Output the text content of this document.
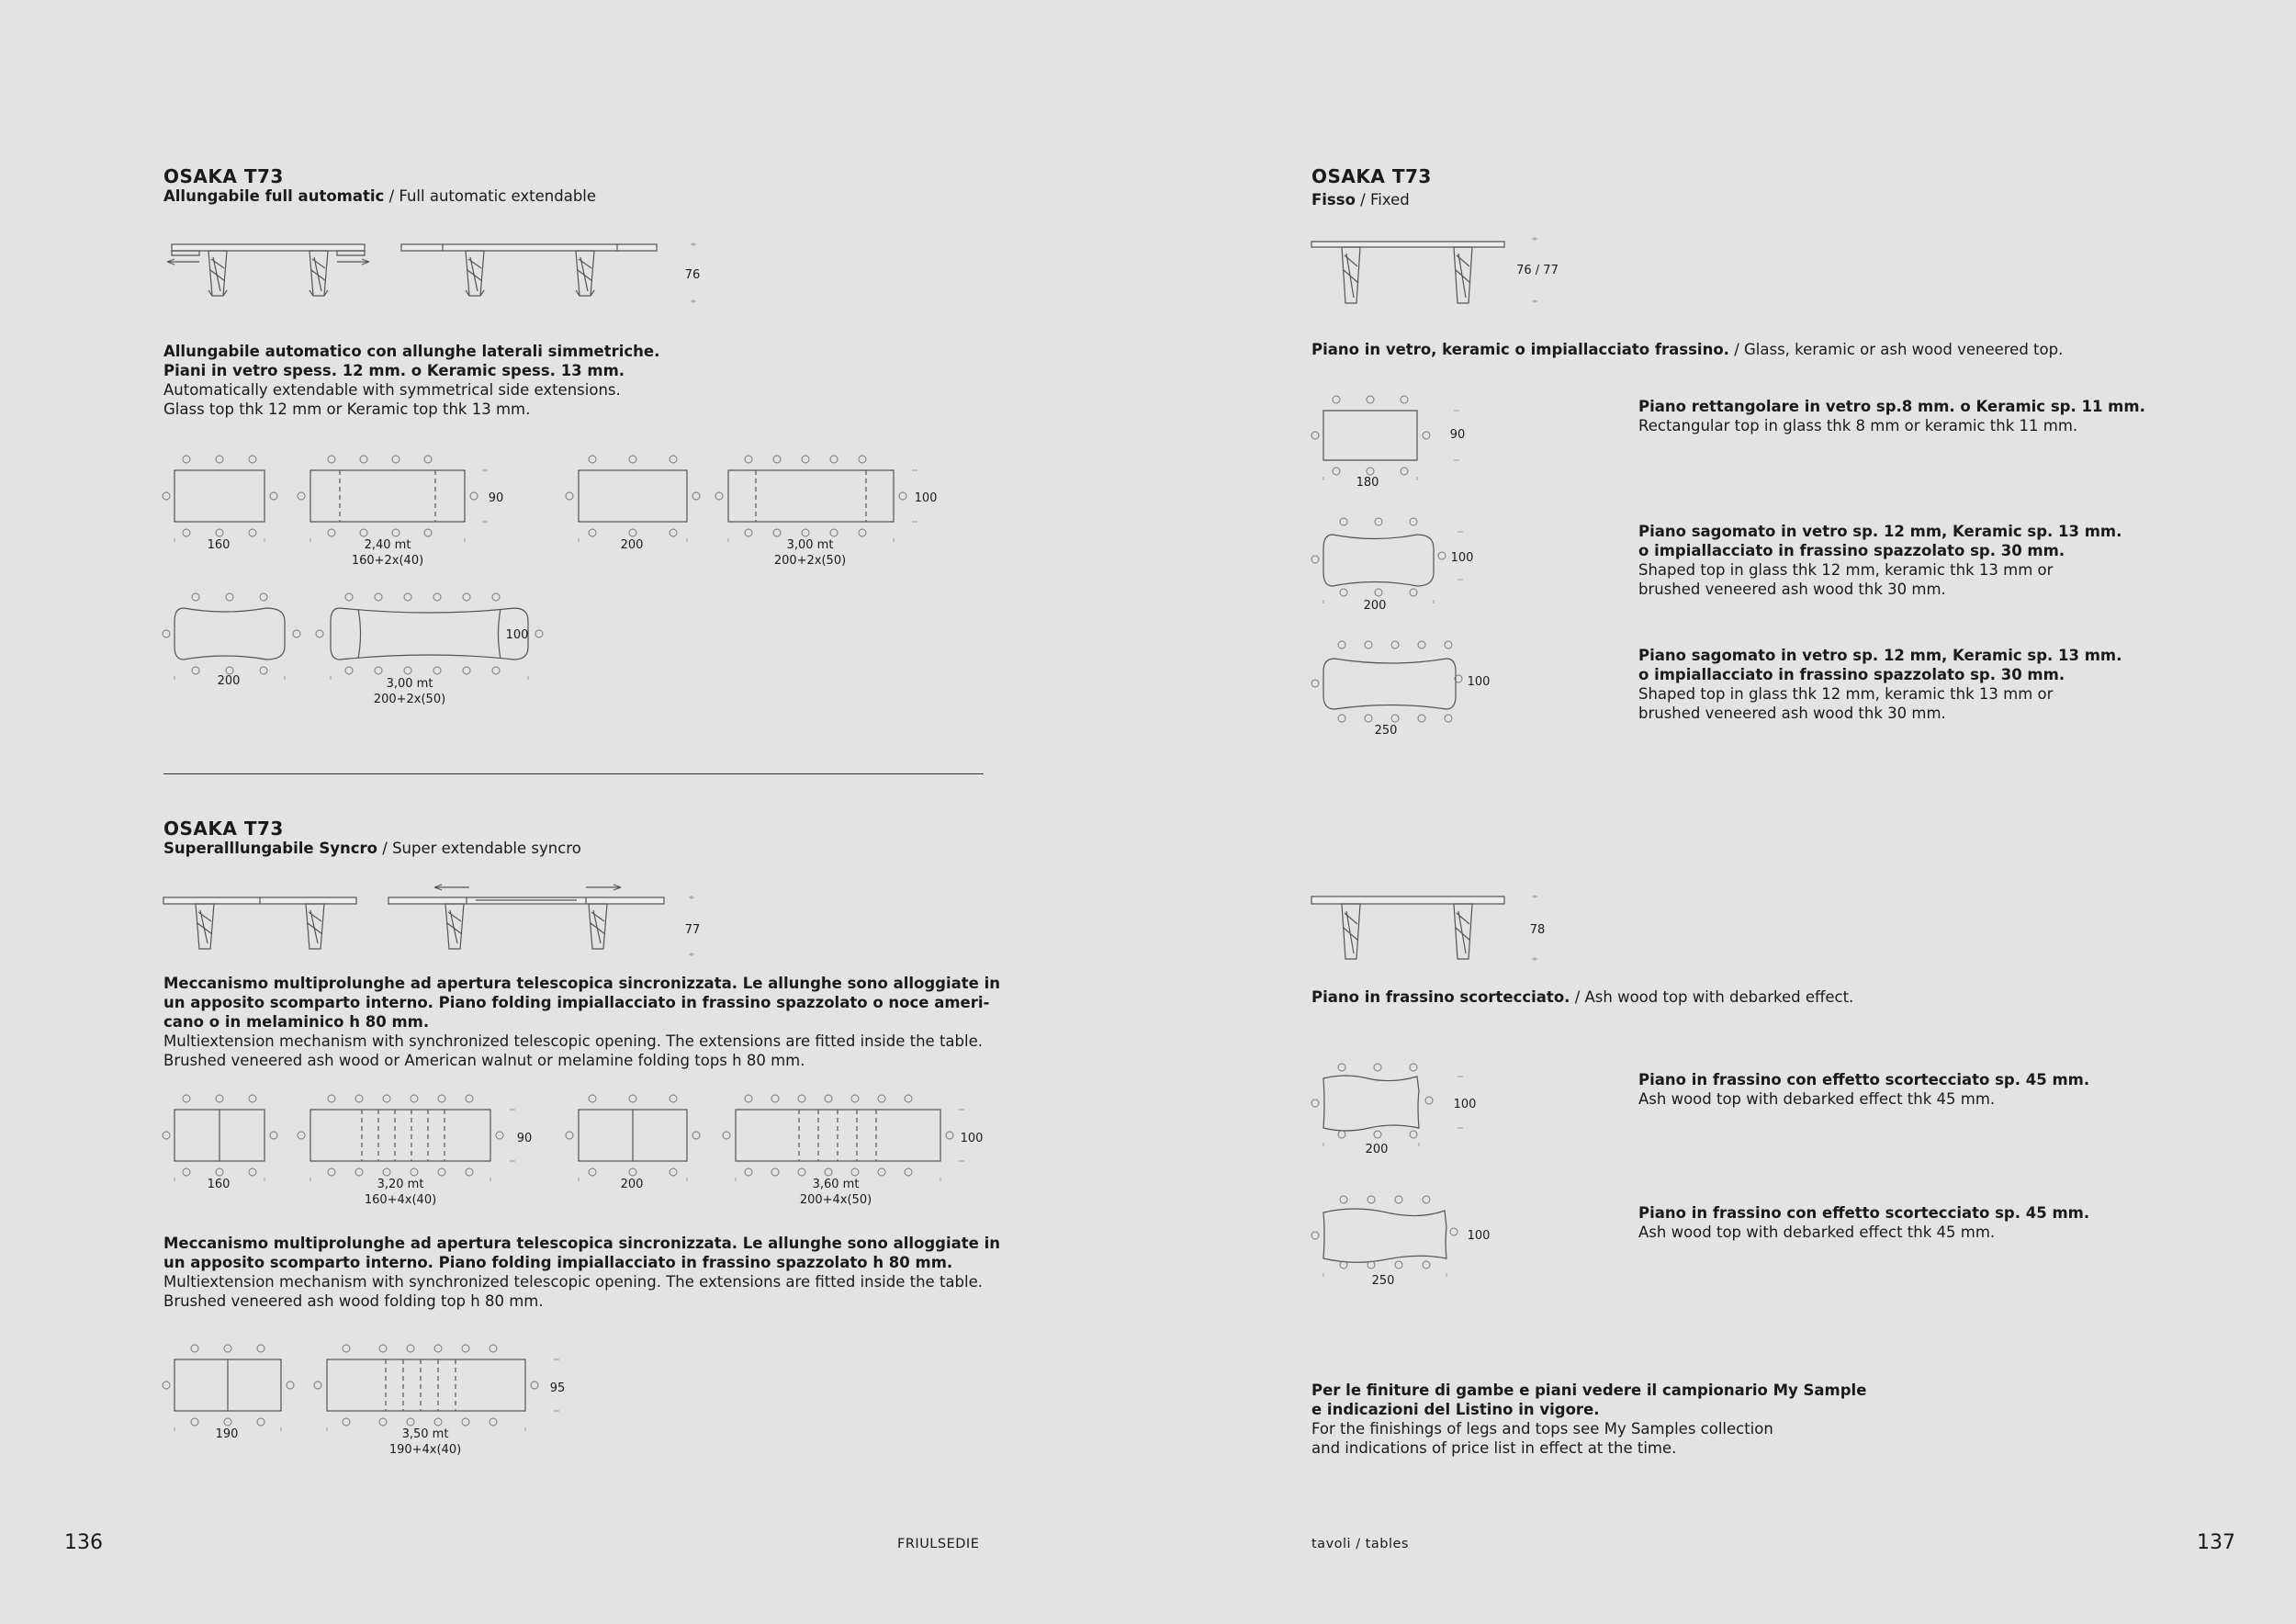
OSAKA T73
Allungabile full automatic / Full automatic extendable
76
Allungabile automatico con allunghe laterali simmetriche.
Piani in vetro spess. 12 mm. o Keramic spess. 13 mm.
Automatically extendable with symmetrical side extensions.
Glass top thk 12 mm or Keramic top thk 13 mm.
160	2,40 mt
160+2x(40)
90
200	3,00 mt
200+2x(50)
100
200	3,00 mt
200+2x(50)
100
OSAKA T73
Superalllungabile Syncro / Super extendable syncro
77
Meccanismo multiprolunghe ad apertura telescopica sincronizzata. Le allunghe sono alloggiate in
un apposito scomparto interno. Piano folding impiallacciato in frassino spazzolato o noce ameri-
cano o in melaminico h 80 mm.
Multiextension mechanism with synchronized telescopic opening. The extensions are fitted inside the table.
Brushed veneered ash wood or American walnut or melamine folding tops h 80 mm.
160	3,20 mt
160+4x(40)
90
200	3,60 mt
200+4x(50)
100
Meccanismo multiprolunghe ad apertura telescopica sincronizzata. Le allunghe sono alloggiate in
un apposito scomparto interno. Piano folding impiallacciato in frassino spazzolato h 80 mm.
Multiextension mechanism with synchronized telescopic opening. The extensions are fitted inside the table.
Brushed veneered ash wood folding top h 80 mm.
190	3,50 mt
190+4x(40)
95
136	FRIULSEDIE
OSAKA T73
Fisso / Fixed
76 / 77
Piano in vetro, keramic o impiallacciato frassino. / Glass, keramic or ash wood veneered top.
180
90
200
100
250
100
Piano rettangolare in vetro sp.8 mm. o Keramic sp. 11 mm.
Rectangular top in glass thk 8 mm or keramic thk 11 mm.
Piano sagomato in vetro sp. 12 mm, Keramic sp. 13 mm.
o impiallacciato in frassino spazzolato sp. 30 mm.
Shaped top in glass thk 12 mm, keramic thk 13 mm or
brushed veneered ash wood thk 30 mm.
Piano sagomato in vetro sp. 12 mm, Keramic sp. 13 mm.
o impiallacciato in frassino spazzolato sp. 30 mm.
Shaped top in glass thk 12 mm, keramic thk 13 mm or
brushed veneered ash wood thk 30 mm.
78
Piano in frassino scortecciato. / Ash wood top with debarked effect.
200
100
250
100
Piano in frassino con effetto scortecciato sp. 45 mm.
Ash wood top with debarked effect thk 45 mm.
Piano in frassino con effetto scortecciato sp. 45 mm.
Ash wood top with debarked effect thk 45 mm.
Per le finiture di gambe e piani vedere il campionario My Sample
e indicazioni del Listino in vigore.
For the finishings of legs and tops see My Samples collection
and indications of price list in effect at the time.
tavoli / tables	137
